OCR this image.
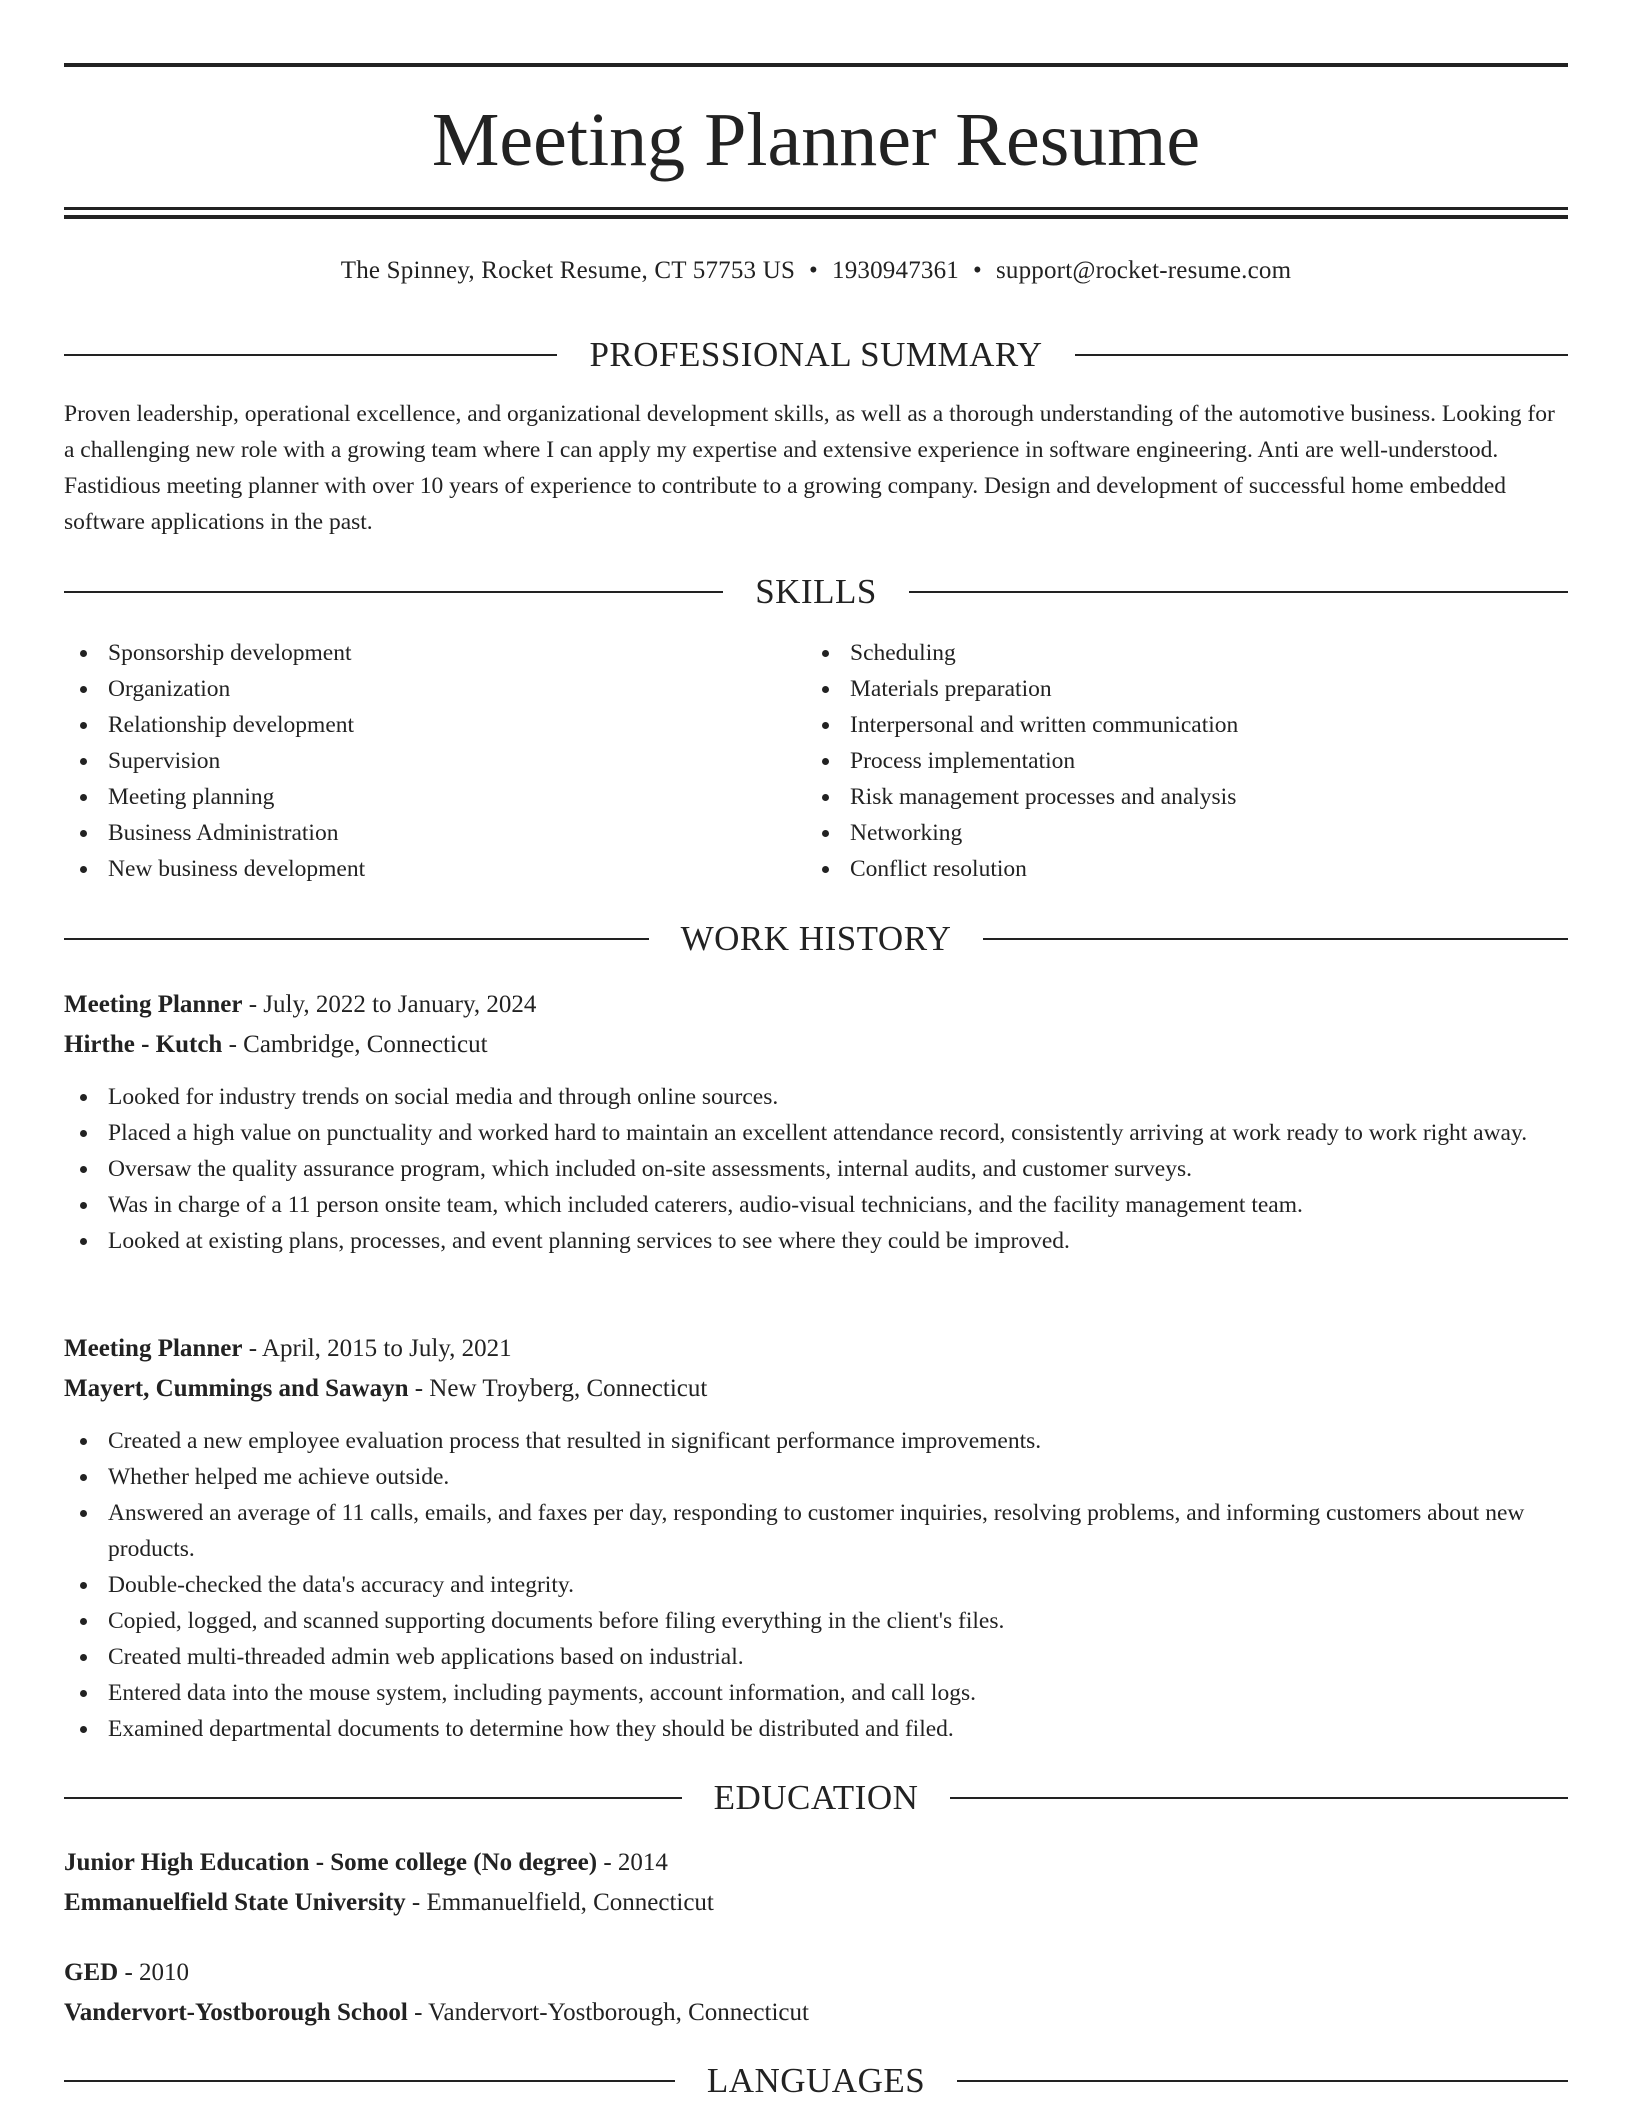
Meeting Planner Resume
The Spinney, Rocket Resume, CT 57753 US • 1930947361 • support@rocket-resume.com
PROFESSIONAL SUMMARY
Proven leadership, operational excellence, and organizational development skills, as well as a thorough understanding of the automotive business. Looking for a challenging new role with a growing team where I can apply my expertise and extensive experience in software engineering. Anti are well-understood. Fastidious meeting planner with over 10 years of experience to contribute to a growing company. Design and development of successful home embedded software applications in the past.
SKILLS
Sponsorship development
Organization
Relationship development
Supervision
Meeting planning
Business Administration
New business development
Scheduling
Materials preparation
Interpersonal and written communication
Process implementation
Risk management processes and analysis
Networking
Conflict resolution
WORK HISTORY
Meeting Planner - July, 2022 to January, 2024
Hirthe - Kutch - Cambridge, Connecticut
Looked for industry trends on social media and through online sources.
Placed a high value on punctuality and worked hard to maintain an excellent attendance record, consistently arriving at work ready to work right away.
Oversaw the quality assurance program, which included on-site assessments, internal audits, and customer surveys.
Was in charge of a 11 person onsite team, which included caterers, audio-visual technicians, and the facility management team.
Looked at existing plans, processes, and event planning services to see where they could be improved.
Meeting Planner - April, 2015 to July, 2021
Mayert, Cummings and Sawayn - New Troyberg, Connecticut
Created a new employee evaluation process that resulted in significant performance improvements.
Whether helped me achieve outside.
Answered an average of 11 calls, emails, and faxes per day, responding to customer inquiries, resolving problems, and informing customers about new products.
Double-checked the data's accuracy and integrity.
Copied, logged, and scanned supporting documents before filing everything in the client's files.
Created multi-threaded admin web applications based on industrial.
Entered data into the mouse system, including payments, account information, and call logs.
Examined departmental documents to determine how they should be distributed and filed.
EDUCATION
Junior High Education - Some college (No degree) - 2014
Emmanuelfield State University - Emmanuelfield, Connecticut
GED - 2010
Vandervort-Yostborough School - Vandervort-Yostborough, Connecticut
LANGUAGES
